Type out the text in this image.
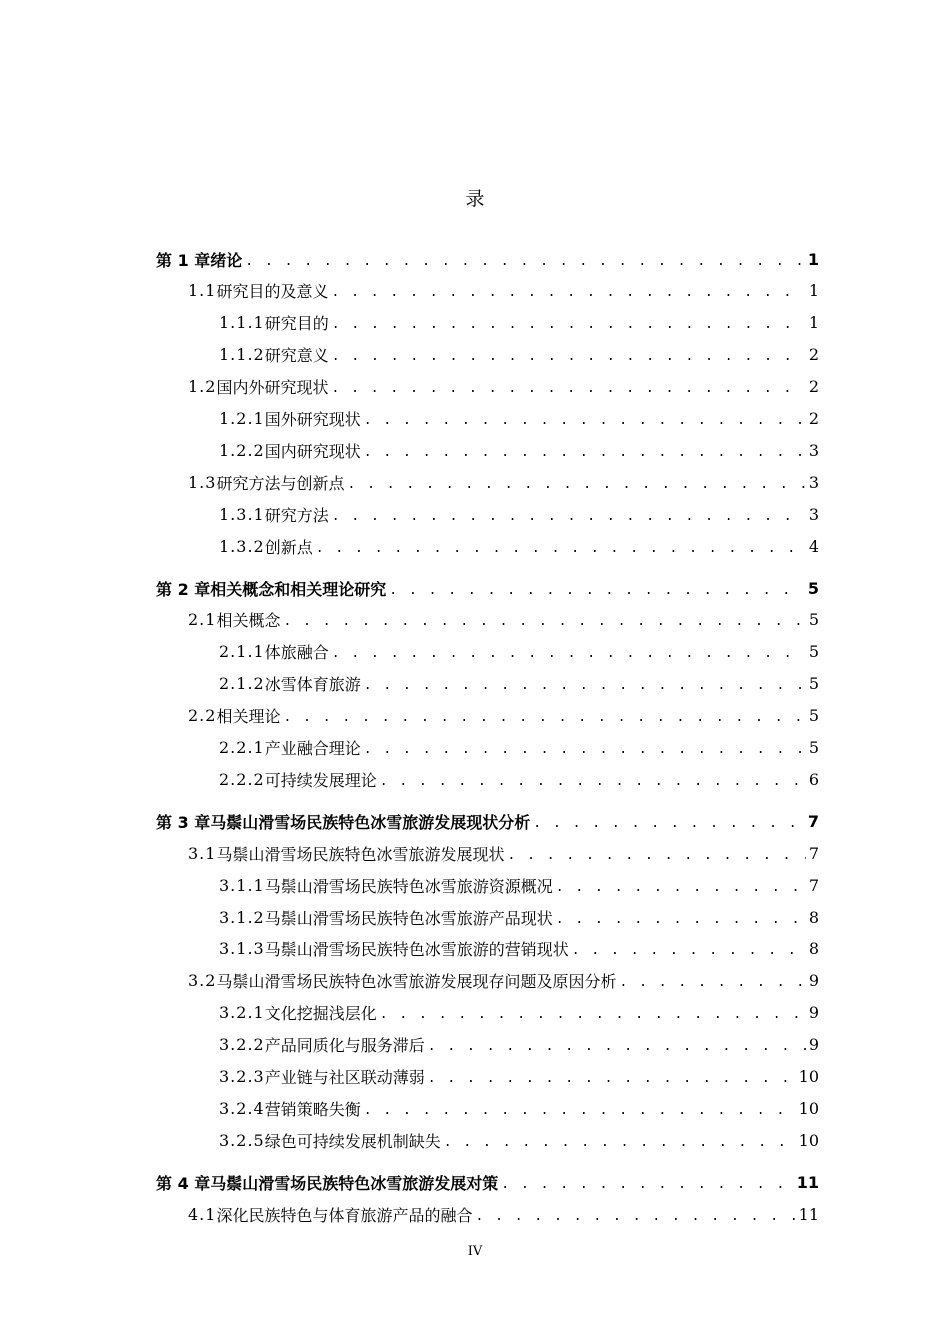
录
第 1 章 绪论 . . .	1
1.1 研究目的及意义 . . .	1
1.1.1 研究目的 . . .	1
1.1.2 研究意义 . . .	2
1.2 国内外研究现状 . . .	2
1.2.1 国外研究现状 . . .	2
1.2.2 国内研究现状 . . .	3
1.3 研究方法与创新点 . . .	3
1.3.1 研究方法 . . .	3
1.3.2 创新点 . . .	4
第 2 章 相关概念和相关理论研究 . . .	5
2.1 相关概念 . . .	5
2.1.1 体旅融合 . . .	5
2.1.2 冰雪体育旅游 . . .	5
2.2 相关理论 . . .	5
2.2.1 产业融合理论 . . .	5
2.2.2 可持续发展理论 . . .	6
第 3 章 马鬃山滑雪场民族特色冰雪旅游发展现状分析 . . .	7
3.1 马鬃山滑雪场民族特色冰雪旅游发展现状 . . .	7
3.1.1 马鬃山滑雪场民族特色冰雪旅游资源概况 . . .	7
3.1.2 马鬃山滑雪场民族特色冰雪旅游产品现状 . . .	8
3.1.3 马鬃山滑雪场民族特色冰雪旅游的营销现状 . . .	8
3.2 马鬃山滑雪场民族特色冰雪旅游发展现存问题及原因分析 . . .	9
3.2.1 文化挖掘浅层化 . . .	9
3.2.2 产品同质化与服务滞后 . . .	9
3.2.3 产业链与社区联动薄弱 . . .	10
3.2.4 营销策略失衡 . . .	10
3.2.5 绿色可持续发展机制缺失 . . .	10
第 4 章 马鬃山滑雪场民族特色冰雪旅游发展对策 . . .	11
4.1 深化民族特色与体育旅游产品的融合 . . .	11
IV
